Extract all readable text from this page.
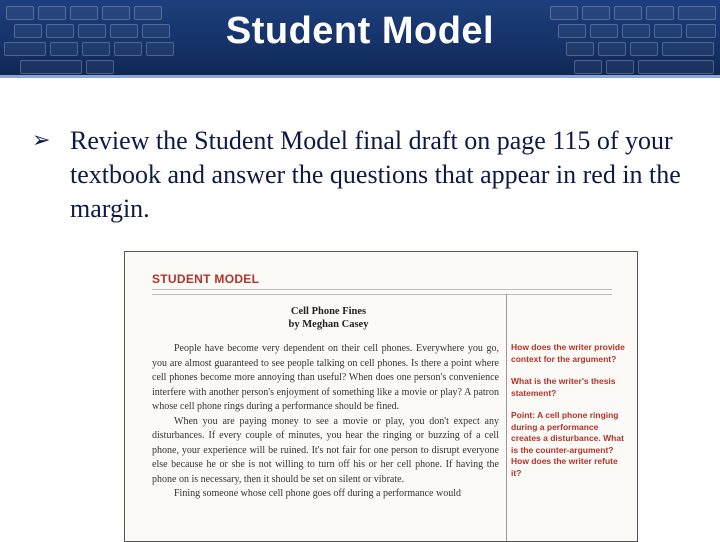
Student Model
➢ Review the Student Model final draft on page 115 of your textbook and answer the questions that appear in red in the margin.
STUDENT MODEL
Cell Phone Fines
by Meghan Casey

People have become very dependent on their cell phones. Everywhere you go, you are almost guaranteed to see people talking on cell phones. Is there a point where cell phones become more annoying than useful? When does one person's convenience interfere with another person's enjoyment of something like a movie or play? A patron whose cell phone rings during a performance should be fined.

When you are paying money to see a movie or play, you don't expect any disturbances. If every couple of minutes, you hear the ringing or buzzing of a cell phone, your experience will be ruined. It's not fair for one person to disrupt everyone else because he or she is not willing to turn off his or her cell phone. If having the phone on is necessary, then it should be set on silent or vibrate.

Fining someone whose cell phone goes off during a performance would

How does the writer provide context for the argument?
What is the writer's thesis statement?
Point: A cell phone ringing during a performance creates a disturbance. What is the counter-argument? How does the writer refute it?
